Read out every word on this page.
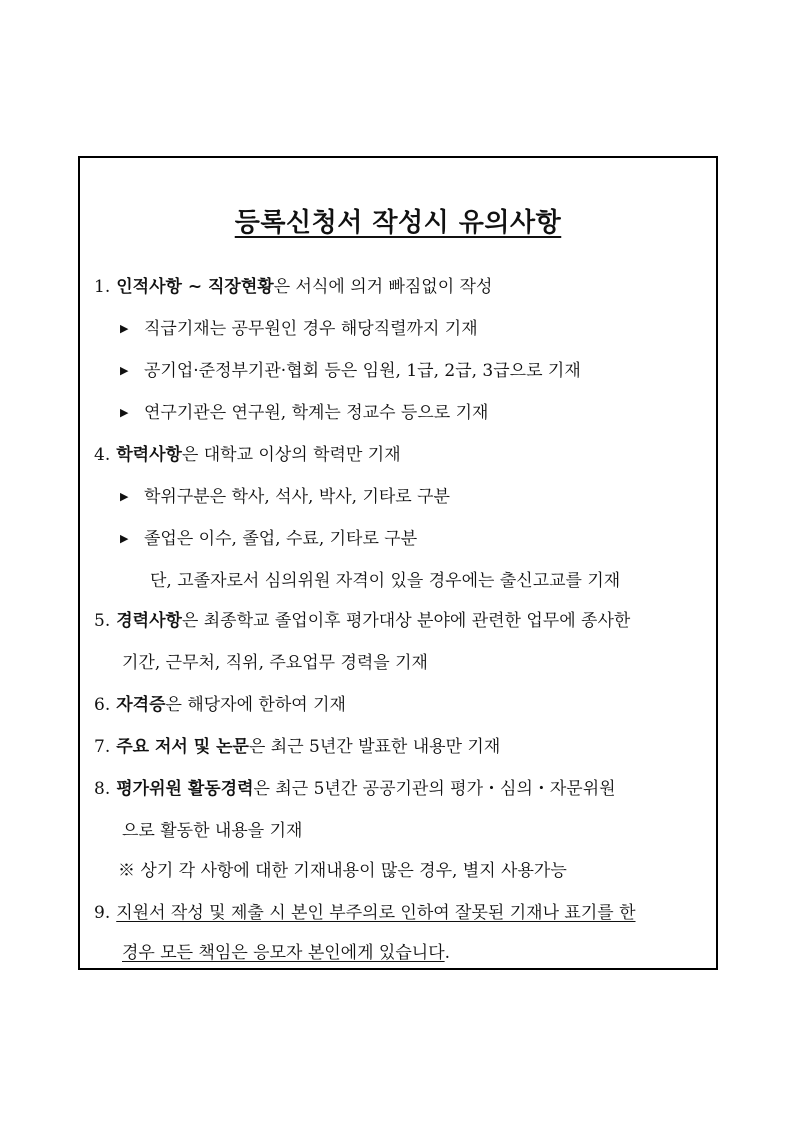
등록신청서 작성시 유의사항
1. 인적사항 ~ 직장현황은 서식에 의거 빠짐없이 작성
▶ 직급기재는 공무원인 경우 해당직렬까지 기재
▶ 공기업·준정부기관·협회 등은 임원, 1급, 2급, 3급으로 기재
▶ 연구기관은 연구원, 학계는 정교수 등으로 기재
4. 학력사항은 대학교 이상의 학력만 기재
▶ 학위구분은 학사, 석사, 박사, 기타로 구분
▶ 졸업은 이수, 졸업, 수료, 기타로 구분
단, 고졸자로서 심의위원 자격이 있을 경우에는 출신고교를 기재
5. 경력사항은 최종학교 졸업이후 평가대상 분야에 관련한 업무에 종사한
기간, 근무처, 직위, 주요업무 경력을 기재
6. 자격증은 해당자에 한하여 기재
7. 주요 저서 및 논문은 최근 5년간 발표한 내용만 기재
8. 평가위원 활동경력은 최근 5년간 공공기관의 평가・심의・자문위원
으로 활동한 내용을 기재
※ 상기 각 사항에 대한 기재내용이 많은 경우, 별지 사용가능
9. 지원서 작성 및 제출 시 본인 부주의로 인하여 잘못된 기재나 표기를 한
경우 모든 책임은 응모자 본인에게 있습니다.
